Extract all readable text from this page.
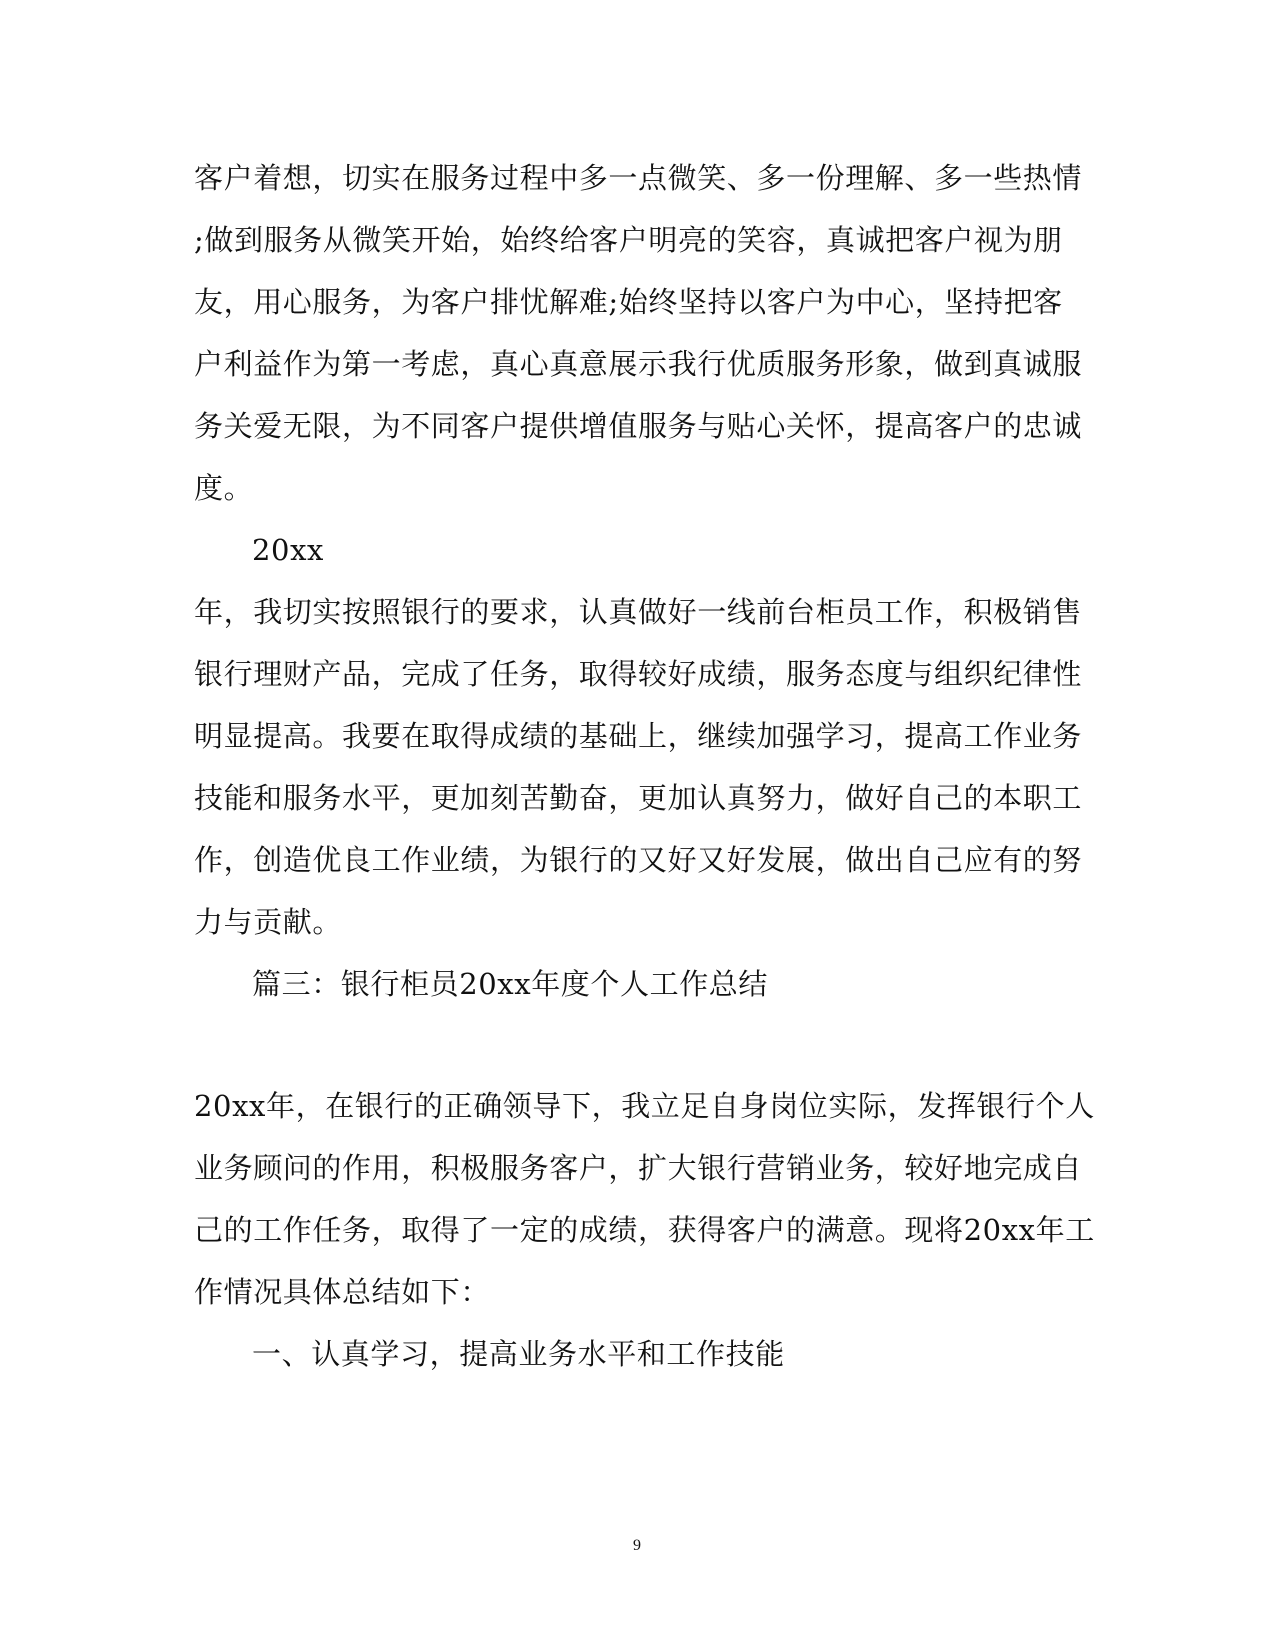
客户着想，切实在服务过程中多一点微笑、多一份理解、多一些热情
;做到服务从微笑开始，始终给客户明亮的笑容，真诚把客户视为朋
友，用心服务，为客户排忧解难;始终坚持以客户为中心，坚持把客
户利益作为第一考虑，真心真意展示我行优质服务形象，做到真诚服
务关爱无限，为不同客户提供增值服务与贴心关怀，提高客户的忠诚
度。
20xx
年，我切实按照银行的要求，认真做好一线前台柜员工作，积极销售
银行理财产品，完成了任务，取得较好成绩，服务态度与组织纪律性
明显提高。我要在取得成绩的基础上，继续加强学习，提高工作业务
技能和服务水平，更加刻苦勤奋，更加认真努力，做好自己的本职工
作，创造优良工作业绩，为银行的又好又好发展，做出自己应有的努
力与贡献。
篇三：银行柜员20xx年度个人工作总结
20xx年，在银行的正确领导下，我立足自身岗位实际，发挥银行个人
业务顾问的作用，积极服务客户，扩大银行营销业务，较好地完成自
己的工作任务，取得了一定的成绩，获得客户的满意。现将20xx年工
作情况具体总结如下：
一、认真学习，提高业务水平和工作技能
9
